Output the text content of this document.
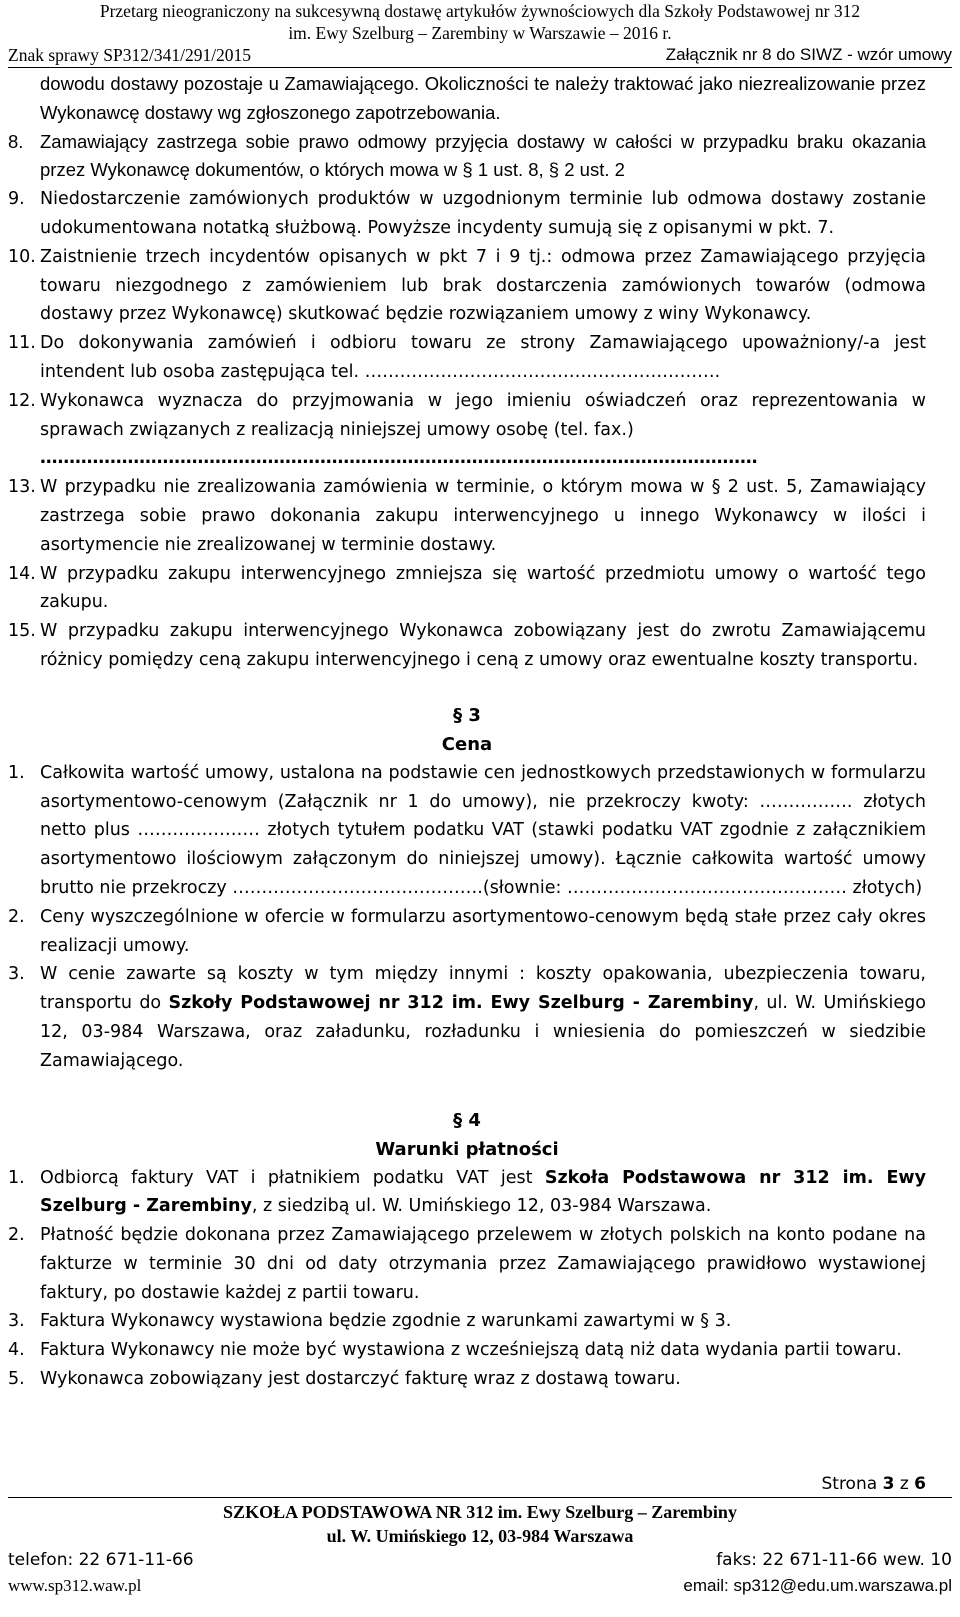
Przetarg nieograniczony na sukcesywną dostawę artykułów żywnościowych dla Szkoły Podstawowej nr 312
im. Ewy Szelburg – Zarembiny w Warszawie – 2016 r.
Znak sprawy SP312/341/291/2015	Załącznik nr 8 do SIWZ - wzór umowy
dowodu dostawy pozostaje u Zamawiającego. Okoliczności te należy traktować jako niezrealizowanie przez Wykonawcę dostawy wg zgłoszonego zapotrzebowania.
8. Zamawiający zastrzega sobie prawo odmowy przyjęcia dostawy w całości w przypadku braku okazania przez Wykonawcę dokumentów, o których mowa w § 1 ust. 8, § 2 ust. 2
9. Niedostarczenie zamówionych produktów w uzgodnionym terminie lub odmowa dostawy zostanie udokumentowana notatką służbową. Powyższe incydenty sumują się z opisanymi w pkt. 7.
10. Zaistnienie trzech incydentów opisanych w pkt 7 i 9 tj.: odmowa przez Zamawiającego przyjęcia towaru niezgodnego z zamówieniem lub brak dostarczenia zamówionych towarów (odmowa dostawy przez Wykonawcę) skutkować będzie rozwiązaniem umowy z winy Wykonawcy.
11. Do dokonywania zamówień i odbioru towaru ze strony Zamawiającego upoważniony/-a jest intendent lub osoba zastępująca tel. …………………………………………………….
12. Wykonawca wyznacza do przyjmowania w jego imieniu oświadczeń oraz reprezentowania w sprawach związanych z realizacją niniejszej umowy osobę (tel. fax.)
……………………………………………………………………………………………………………
13. W przypadku nie zrealizowania zamówienia w terminie, o którym mowa w § 2 ust. 5, Zamawiający zastrzega sobie prawo dokonania zakupu interwencyjnego u innego Wykonawcy w ilości i asortymencie nie zrealizowanej w terminie dostawy.
14. W przypadku zakupu interwencyjnego zmniejsza się wartość przedmiotu umowy o wartość tego zakupu.
15. W przypadku zakupu interwencyjnego Wykonawca zobowiązany jest do zwrotu Zamawiającemu różnicy pomiędzy ceną zakupu interwencyjnego i ceną z umowy oraz ewentualne koszty transportu.
§ 3
Cena
1. Całkowita wartość umowy, ustalona na podstawie cen jednostkowych przedstawionych w formularzu asortymentowo-cenowym (Załącznik nr 1 do umowy), nie przekroczy kwoty: ……………. złotych netto plus ………………… złotych tytułem podatku VAT (stawki podatku VAT zgodnie z załącznikiem asortymentowo ilościowym załączonym do niniejszej umowy). Łącznie całkowita wartość umowy brutto nie przekroczy …………………………………….(słownie: ………………………………………… złotych)
2. Ceny wyszczególnione w ofercie w formularzu asortymentowo-cenowym będą stałe przez cały okres realizacji umowy.
3. W cenie zawarte są koszty w tym między innymi : koszty opakowania, ubezpieczenia towaru, transportu do Szkoły Podstawowej nr 312 im. Ewy Szelburg - Zarembiny, ul. W. Umińskiego 12, 03-984 Warszawa, oraz załadunku, rozładunku i wniesienia do pomieszczeń w siedzibie Zamawiającego.
§ 4
Warunki płatności
1. Odbiorcą faktury VAT i płatnikiem podatku VAT jest Szkoła Podstawowa nr 312 im. Ewy Szelburg - Zarembiny, z siedzibą ul. W. Umińskiego 12, 03-984 Warszawa.
2. Płatność będzie dokonana przez Zamawiającego przelewem w złotych polskich na konto podane na fakturze w terminie 30 dni od daty otrzymania przez Zamawiającego prawidłowo wystawionej faktury, po dostawie każdej z partii towaru.
3. Faktura Wykonawcy wystawiona będzie zgodnie z warunkami zawartymi w § 3.
4. Faktura Wykonawcy nie może być wystawiona z wcześniejszą datą niż data wydania partii towaru.
5. Wykonawca zobowiązany jest dostarczyć fakturę wraz z dostawą towaru.
Strona 3 z 6
SZKOŁA PODSTAWOWA NR 312 im. Ewy Szelburg – Zarembiny
ul. W. Umińskiego 12, 03-984 Warszawa
telefon: 22 671-11-66	faks: 22 671-11-66 wew. 10
www.sp312.waw.pl	email: sp312@edu.um.warszawa.pl
